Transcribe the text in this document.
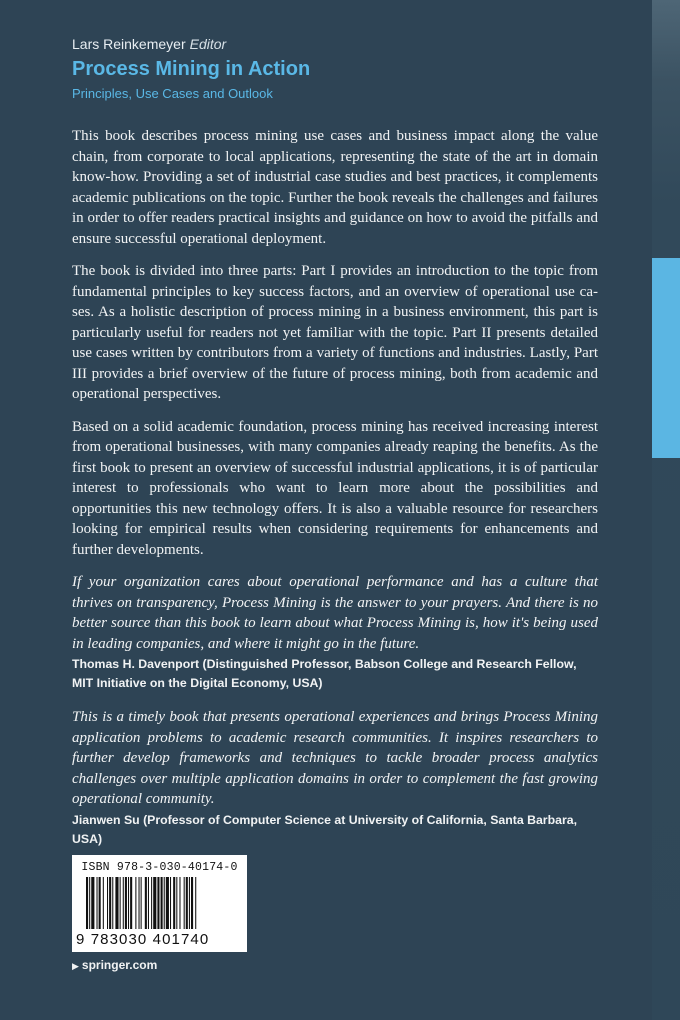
Lars Reinkemeyer Editor

Process Mining in Action

Principles, Use Cases and Outlook

This book describes process mining use cases and business impact along the value chain, from corporate to local applications, representing the state of the art in domain know-how. Providing a set of industrial case studies and best practices, it complements academic publications on the topic. Further the book reveals the challenges and failures in order to offer readers practical insights and guidance on how to avoid the pitfalls and ensure successful operational deployment.

The book is divided into three parts: Part I provides an introduction to the topic from fundamental principles to key success factors, and an overview of operational use cases. As a holistic description of process mining in a business environment, this part is particularly useful for readers not yet familiar with the topic. Part II presents detailed use cases written by contributors from a variety of functions and industries. Lastly, Part III provides a brief overview of the future of process mining, both from academic and operational perspectives.

Based on a solid academic foundation, process mining has received increasing interest from operational businesses, with many companies already reaping the benefits. As the first book to present an overview of successful industrial applications, it is of particular interest to professionals who want to learn more about the possibilities and opportunities this new technology offers. It is also a valuable resource for researchers looking for empirical results when considering requirements for enhancements and further developments.

If your organization cares about operational performance and has a culture that thrives on transparency, Process Mining is the answer to your prayers. And there is no better source than this book to learn about what Process Mining is, how it's being used in leading companies, and where it might go in the future.

Thomas H. Davenport (Distinguished Professor, Babson College and Research Fellow, MIT Initiative on the Digital Economy, USA)

This is a timely book that presents operational experiences and brings Process Mining application problems to academic research communities. It inspires researchers to further develop frameworks and techniques to tackle broader process analytics challenges over multiple application domains in order to complement the fast growing operational community.

Jianwen Su (Professor of Computer Science at University of California, Santa Barbara, USA)

ISBN 978-3-030-40174-0
9 783030 401740
▶ springer.com
